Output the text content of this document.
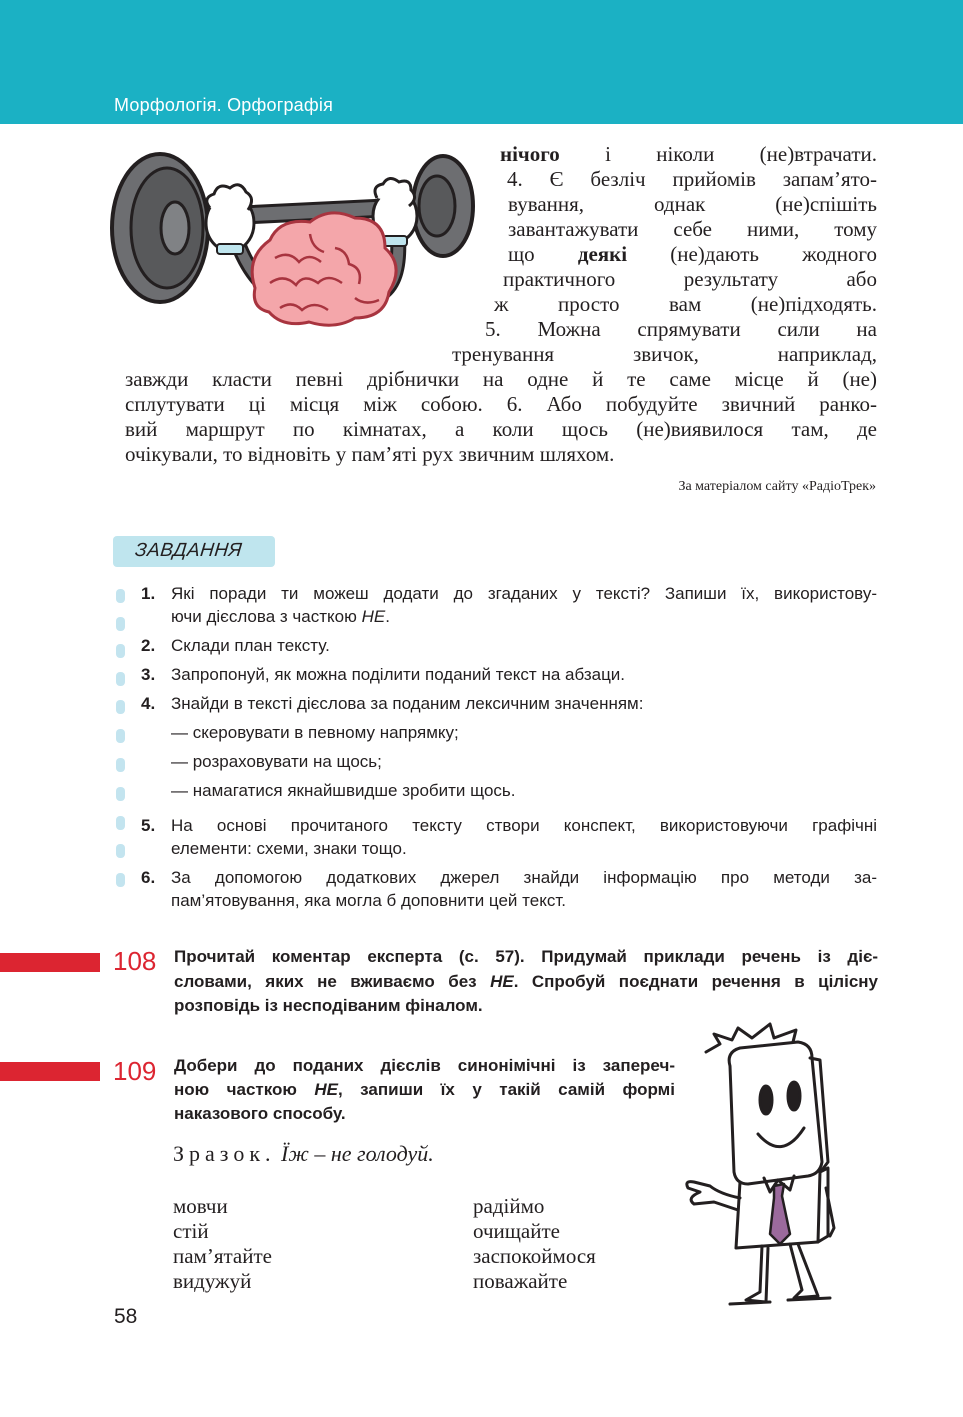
Морфологія. Орфографія
нічого і ніколи (не)втрачати.
4. Є безліч прийомів запам’ято-
вування, однак (не)спішіть
завантажувати себе ними, тому
що деякі (не)дають жодного
практичного результату або
ж просто вам (не)підходять.
5. Можна спрямувати сили на
тренування звичок, наприклад,
завжди класти певні дрібнички на одне й те саме місце й (не)
сплутувати ці місця між собою. 6. Або побудуйте звичний ранко-
вий маршрут по кімнатах, а коли щось (не)виявилося там, де
очікували, то відновіть у пам’яті рух звичним шляхом.
За матеріалом сайту «РадіоТрек»
ЗАВДАННЯ
1. Які поради ти можеш додати до згаданих у тексті? Запиши їх, використову-
ючи дієслова з часткою НЕ.
2. Склади план тексту.
3. Запропонуй, як можна поділити поданий текст на абзаци.
4. Знайди в тексті дієслова за поданим лексичним значенням:
— скеровувати в певному напрямку;
— розраховувати на щось;
— намагатися якнайшвидше зробити щось.
5. На основі прочитаного тексту створи конспект, використовуючи графічні
елементи: схеми, знаки тощо.
6. За допомогою додаткових джерел знайди інформацію про методи за-
пам’ятовування, яка могла б доповнити цей текст.
108 Прочитай коментар експерта (с. 57). Придумай приклади речень із діє-
словами, яких не вживаємо без НЕ. Спробуй поєднати речення в цілісну
розповідь із несподіваним фіналом.
109 Добери до поданих дієслів синонімічні із запереч-
ною часткою НЕ, запиши їх у такій самій формі
наказового способу.
Зразок. Їж – не голодуй.
мовчи
стій
пам’ятайте
видужуй
радіймо
очищайте
заспокоймося
поважайте
58
